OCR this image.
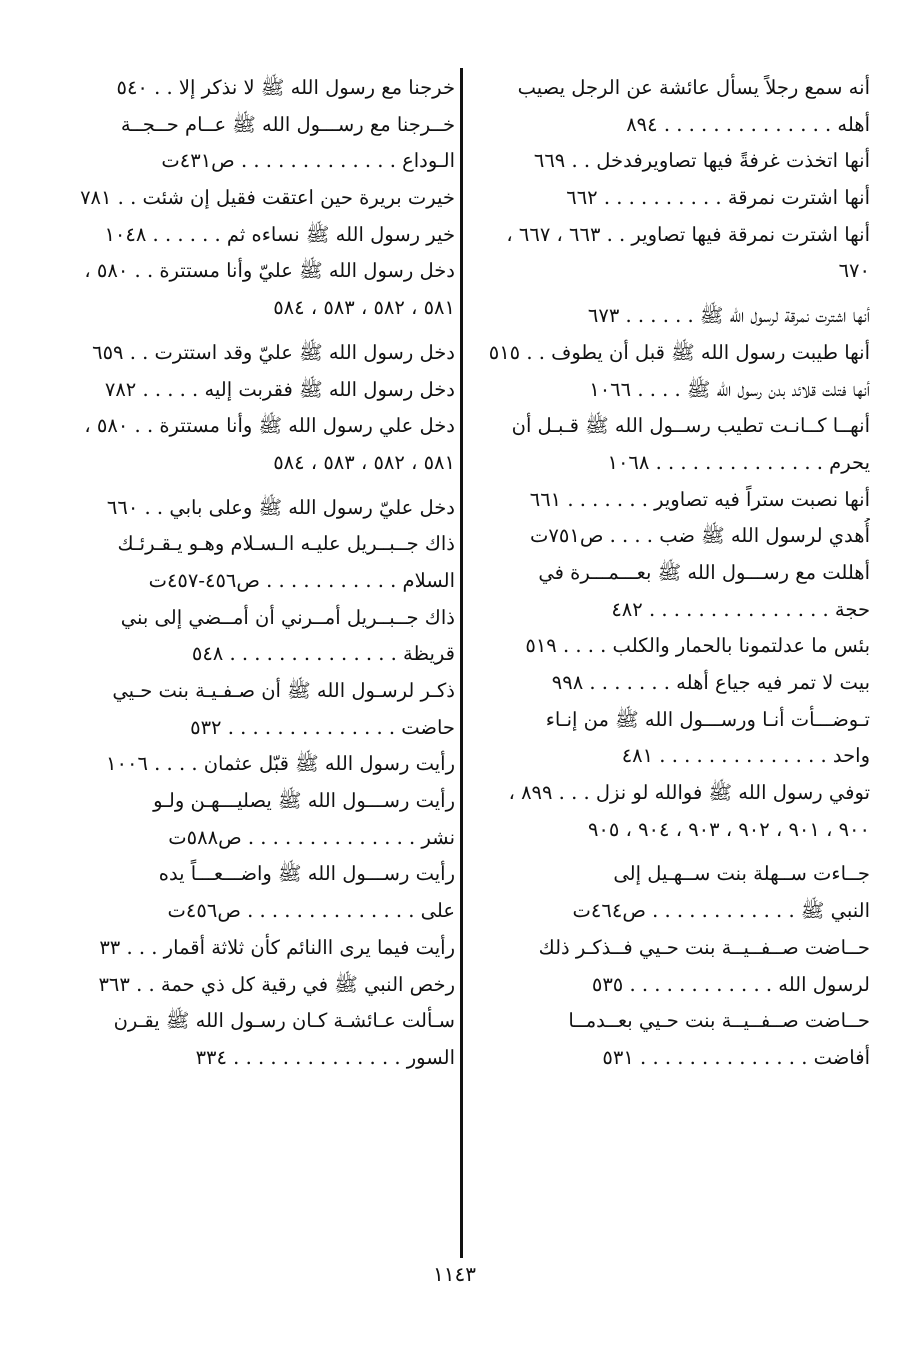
أنه سمع رجلاً يسأل عائشة عن الرجل يصيب
أهله . . . . . . . . . . . . . . ٨٩٤
أنها اتخذت غرفةً فيها تصاويرفدخل . . ٦٦٩
أنها اشترت نمرقة . . . . . . . . . . ٦٦٢
أنها اشترت نمرقة فيها تصاوير . . ٦٦٣ ، ٦٦٧ ،
٦٧٠
أنها اشترت نمرقة لرسول الله ﷺ . . . . . . ٦٧٣
أنها طيبت رسول الله ﷺ قبل أن يطوف . . ٥١٥
أنها فتلت قلائد بدن رسول الله ﷺ . . . . ١٠٦٦
أنهــا كــانـت تطيب رســول الله ﷺ قـبـل أن
يحرم . . . . . . . . . . . . . . ١٠٦٨
أنها نصبت ستراً فيه تصاوير . . . . . . . ٦٦١
أُهدي لرسول الله ﷺ ضب . . . . ص٧٥١ت
أهللت مع رســـول الله ﷺ بعـــمـــرة في
حجة . . . . . . . . . . . . . . . ٤٨٢
بئس ما عدلتمونا بالحمار والكلب . . . . ٥١٩
بيت لا تمر فيه جياع أهله . . . . . . . ٩٩٨
تـوضـــأت أنـا ورســـول الله ﷺ من إنـاء
واحد . . . . . . . . . . . . . . ٤٨١
توفي رسول الله ﷺ فوالله لو نزل . . . ٨٩٩ ،
٩٠٠ ، ٩٠١ ، ٩٠٢ ، ٩٠٣ ، ٩٠٤ ، ٩٠٥
جــاءت ســهلة بنت ســهـيل إلى
النبي ﷺ . . . . . . . . . . . . ص٤٦٤ت
حــاضت صــفــيــة بنت حـيي فــذكـر ذلك
لرسول الله . . . . . . . . . . . . ٥٣٥
حــاضت صــفــيــة بنت حـيي بعــدمــا
أفاضت . . . . . . . . . . . . . . ٥٣١
خرجنا مع رسول الله ﷺ لا نذكر إلا . . ٥٤٠
خــرجنا مع رســـول الله ﷺ عــام حــجــة
الـوداع . . . . . . . . . . . . . ص٤٣١ت
خيرت بريرة حين اعتقت فقيل إن شئت . . ٧٨١
خير رسول الله ﷺ نساءه ثم . . . . . . ١٠٤٨
دخل رسول الله ﷺ عليّ وأنا مستترة . . ٥٨٠ ،
٥٨١ ، ٥٨٢ ، ٥٨٣ ، ٥٨٤
دخل رسول الله ﷺ عليّ وقد استترت . . ٦٥٩
دخل رسول الله ﷺ فقربت إليه . . . . . ٧٨٢
دخل علي رسول الله ﷺ وأنا مستترة . . ٥٨٠ ،
٥٨١ ، ٥٨٢ ، ٥٨٣ ، ٥٨٤
دخل عليّ رسول الله ﷺ وعلى بابي . . ٦٦٠
ذاك جــبــريل عليـه الـسـلام وهـو يـقـرئـك
السلام . . . . . . . . . . . ص٤٥٦-٤٥٧ت
ذاك جــبــريل أمــرني أن أمــضي إلى بني
قريظة . . . . . . . . . . . . . . ٥٤٨
ذكـر لرسـول الله ﷺ أن صـفـيـة بنت حـيي
حاضت . . . . . . . . . . . . . . ٥٣٢
رأيت رسول الله ﷺ قبّل عثمان . . . . ١٠٠٦
رأيت رســـول الله ﷺ يصليـــهـن ولـو
نشر . . . . . . . . . . . . . . ص٥٨٨ت
رأيت رســـول الله ﷺ واضـــعـــاً يده
على . . . . . . . . . . . . . . ص٤٥٦ت
رأيت فيما يرى االنائم كأن ثلاثة أقمار . . . ٣٣
رخص النبي ﷺ في رقية كل ذي حمة . . ٣٦٣
سـألت عـائشـة كـان رسـول الله ﷺ يقـرن
السور . . . . . . . . . . . . . . ٣٣٤
١١٤٣
